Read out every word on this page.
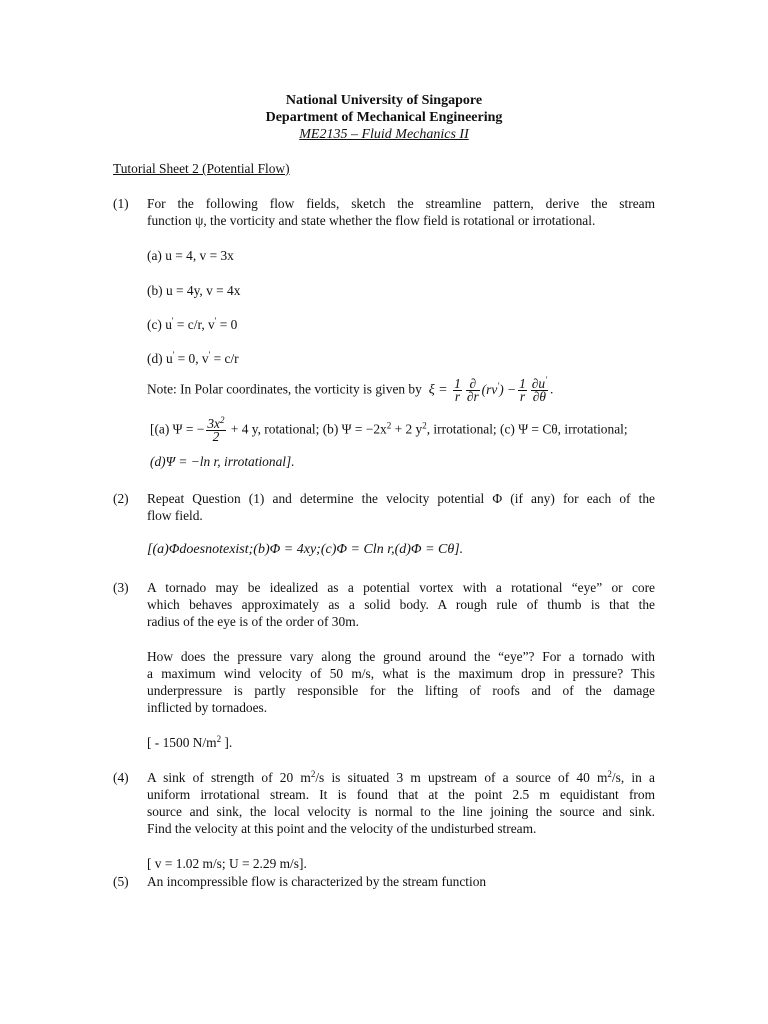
National University of Singapore
Department of Mechanical Engineering
ME2135 – Fluid Mechanics II
Tutorial Sheet 2 (Potential Flow)
(1) For the following flow fields, sketch the streamline pattern, derive the stream
function ψ, the vorticity and state whether the flow field is rotational or irrotational.
(a) u = 4, v = 3x
(b) u = 4y, v = 4x
(c) u' = c/r, v' = 0
(d) u' = 0, v' = c/r
Note: In Polar coordinates, the vorticity is given by  $\xi = \frac{1}{r} \frac{\partial}{\partial r} (rv') - \frac{1}{r} \frac{\partial u'}{\partial\theta}$ .
[(a) Ψ = − $\frac{3x^2}{2} + 4$ y, rotational; (b) $\Psi = -2x^2 + 2$ $y^2$, irrotational; (c) Ψ = Cθ, irrotational;
(d)Ψ = −ln r, irrotational].
(2) Repeat Question (1) and determine the velocity potential Φ (if any) for each of the
flow field.
[(a)Φdoesnotexist;(b)Φ = 4xy;(c)Φ = Cln r,(d)Φ = Cθ].
(3) A tornado may be idealized as a potential vortex with a rotational “eye” or core
which behaves approximately as a solid body. A rough rule of thumb is that the
radius of the eye is of the order of 30m.
How does the pressure vary along the ground around the “eye”? For a tornado with
a maximum wind velocity of 50 m/s, what is the maximum drop in pressure? This
underpressure is partly responsible for the lifting of roofs and of the damage
inflicted by tornadoes.
[ - 1500 $N/m^2$ ].
(4) A sink of strength of 20 $m^2/s$ is situated 3 m upstream of a source of 40 $m^2/s$, in a
uniform irrotational stream. It is found that at the point 2.5 m equidistant from
source and sink, the local velocity is normal to the line joining the source and sink.
Find the velocity at this point and the velocity of the undisturbed stream.
[ v = 1.02 m/s; U = 2.29 m/s].
(5) An incompressible flow is characterized by the stream function
